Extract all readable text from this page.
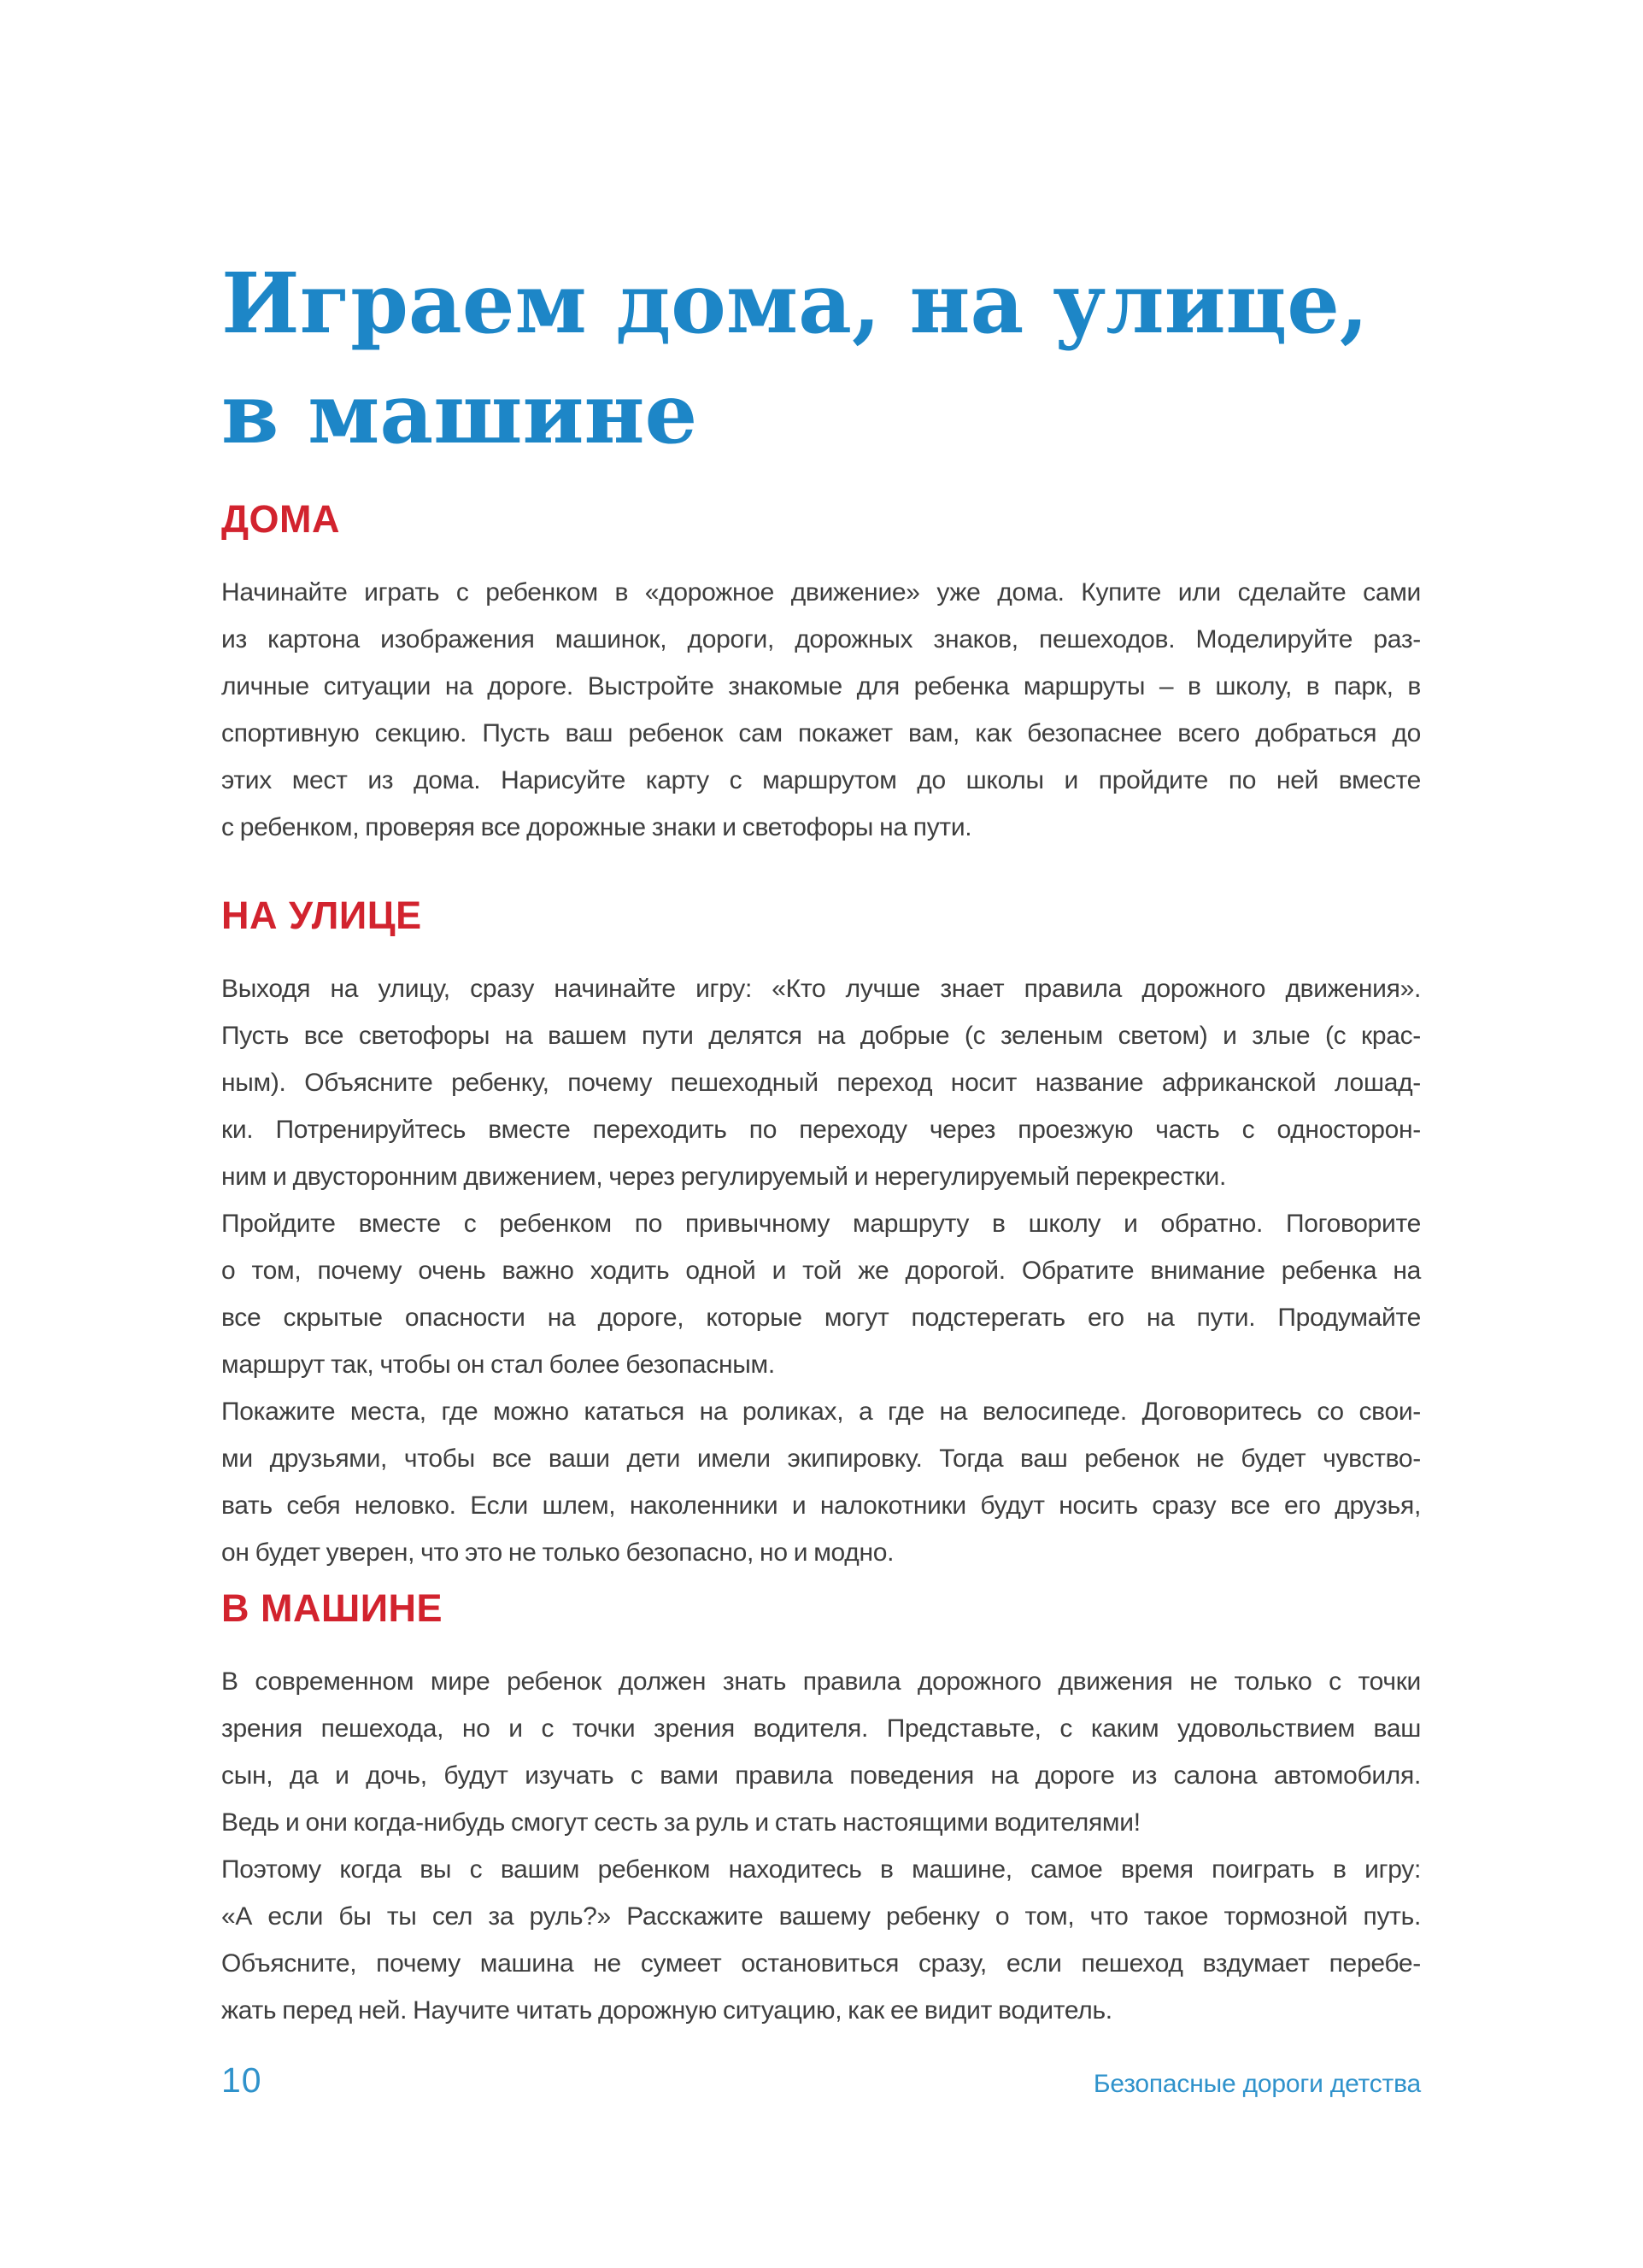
Играем дома, на улице,
в машине
ДОМА
Начинайте играть с ребенком в «дорожное движение» уже дома. Купите или сделайте сами
из картона изображения машинок, дороги, дорожных знаков, пешеходов. Моделируйте раз-
личные ситуации на дороге. Выстройте знакомые для ребенка маршруты – в школу, в парк, в
спортивную секцию. Пусть ваш ребенок сам покажет вам, как безопаснее всего добраться до
этих мест из дома. Нарисуйте карту с маршрутом до школы и пройдите по ней вместе
с ребенком, проверяя все дорожные знаки и светофоры на пути.
НА УЛИЦЕ
Выходя на улицу, сразу начинайте игру: «Кто лучше знает правила дорожного движения».
Пусть все светофоры на вашем пути делятся на добрые (с зеленым светом) и злые (с крас-
ным). Объясните ребенку, почему пешеходный переход носит название африканской лошад-
ки. Потренируйтесь вместе переходить по переходу через проезжую часть с односторон-
ним и двусторонним движением, через регулируемый и нерегулируемый перекрестки.
Пройдите вместе с ребенком по привычному маршруту в школу и обратно. Поговорите
о том, почему очень важно ходить одной и той же дорогой. Обратите внимание ребенка на
все скрытые опасности на дороге, которые могут подстерегать его на пути. Продумайте
маршрут так, чтобы он стал более безопасным.
Покажите места, где можно кататься на роликах, а где на велосипеде. Договоритесь со свои-
ми друзьями, чтобы все ваши дети имели экипировку. Тогда ваш ребенок не будет чувство-
вать себя неловко. Если шлем, наколенники и налокотники будут носить сразу все его друзья,
он будет уверен, что это не только безопасно, но и модно.
В МАШИНЕ
В современном мире ребенок должен знать правила дорожного движения не только с точки
зрения пешехода, но и с точки зрения водителя. Представьте, с каким удовольствием ваш
сын, да и дочь, будут изучать с вами правила поведения на дороге из салона автомобиля.
Ведь и они когда-нибудь смогут сесть за руль и стать настоящими водителями!
Поэтому когда вы с вашим ребенком находитесь в машине, самое время поиграть в игру:
«А если бы ты сел за руль?» Расскажите вашему ребенку о том, что такое тормозной путь.
Объясните, почему машина не сумеет остановиться сразу, если пешеход вздумает перебе-
жать перед ней. Научите читать дорожную ситуацию, как ее видит водитель.
10	Безопасные дороги детства
